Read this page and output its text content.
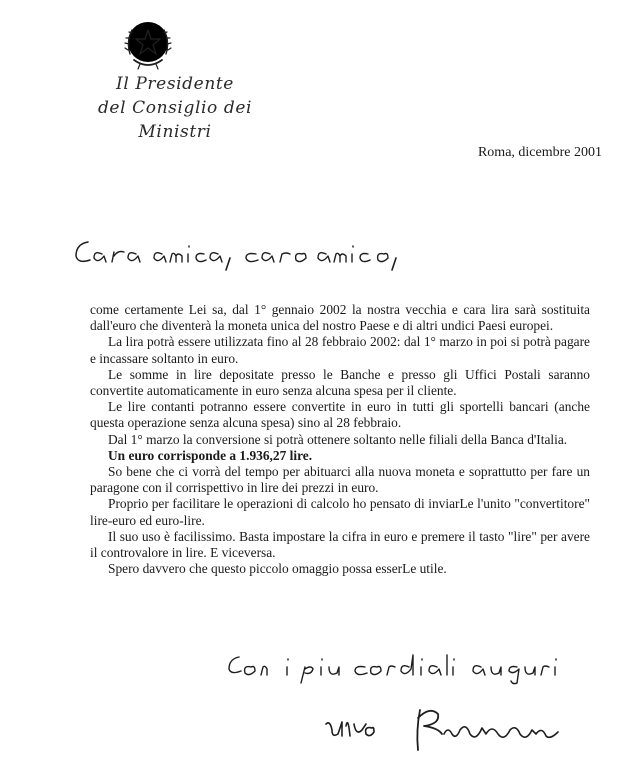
Il Presidente
del Consiglio dei Ministri
Roma, dicembre 2001

come certamente Lei sa, dal 1° gennaio 2002 la nostra vecchia e cara lira sarà sostituita dall'euro che diventerà la moneta unica del nostro Paese e di altri undici Paesi europei.

La lira potrà essere utilizzata fino al 28 febbraio 2002: dal 1° marzo in poi si potrà pagare e incassare soltanto in euro.

Le somme in lire depositate presso le Banche e presso gli Uffici Postali saranno convertite automaticamente in euro senza alcuna spesa per il cliente.

Le lire contanti potranno essere convertite in euro in tutti gli sportelli bancari (anche questa operazione senza alcuna spesa) sino al 28 febbraio.

Dal 1° marzo la conversione si potrà ottenere soltanto nelle filiali della Banca d'Italia.

Un euro corrisponde a 1.936,27 lire.

So bene che ci vorrà del tempo per abituarci alla nuova moneta e soprattutto per fare un paragone con il corrispettivo in lire dei prezzi in euro.

Proprio per facilitare le operazioni di calcolo ho pensato di inviarLe l'unito "convertitore" lire-euro ed euro-lire.

Il suo uso è facilissimo. Basta impostare la cifra in euro e premere il tasto "lire" per avere il controvalore in lire. E viceversa.

Spero davvero che questo piccolo omaggio possa esserLe utile.
